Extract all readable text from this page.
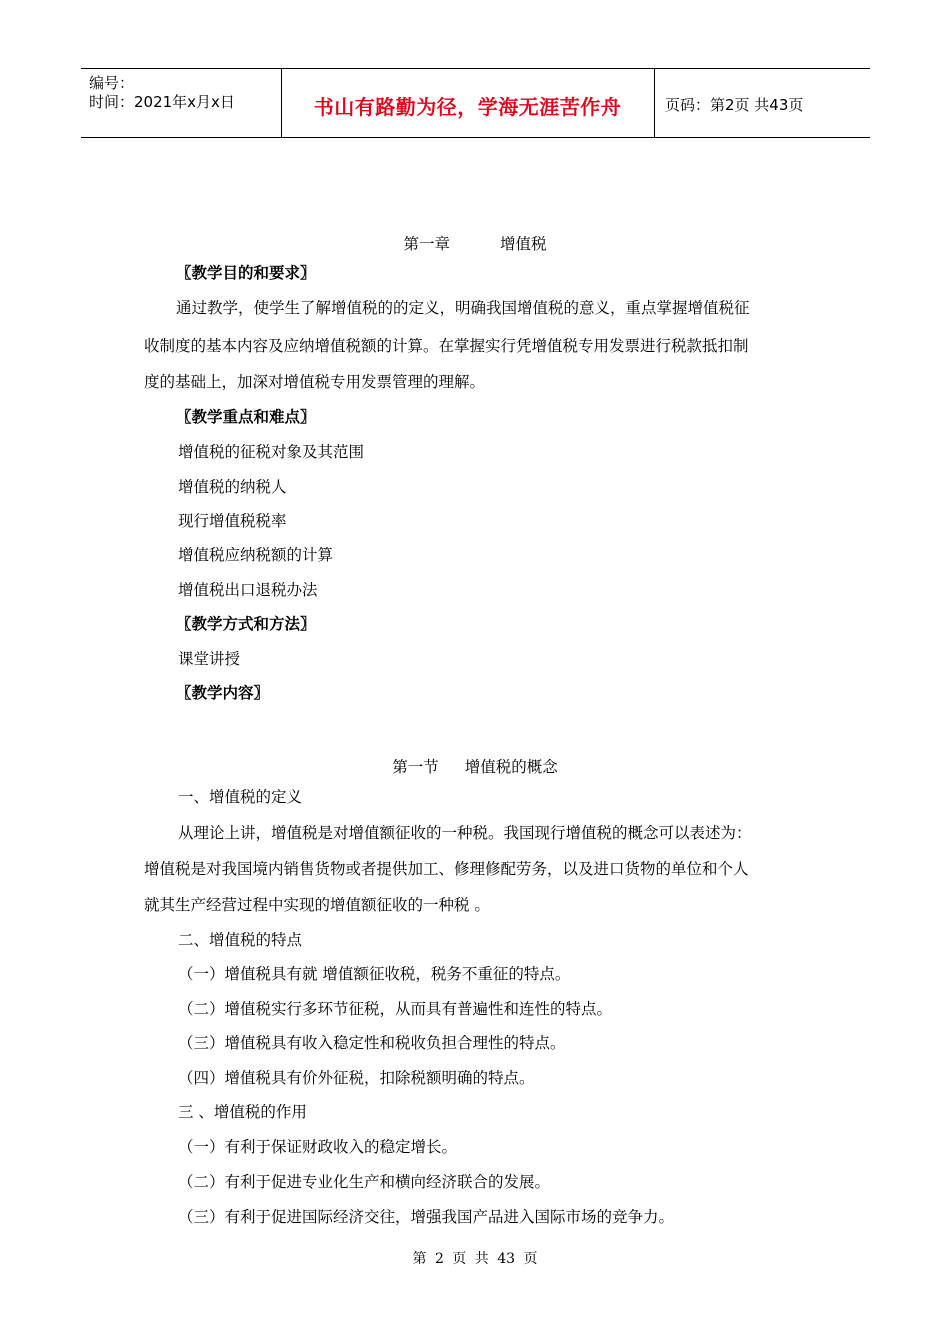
编号：
时间：2021年x月x日	书山有路勤为径，学海无涯苦作舟	页码：第2页 共43页
第一章	增值税
〖教学目的和要求〗
通过教学，使学生了解增值税的的定义，明确我国增值税的意义，重点掌握增值税征
收制度的基本内容及应纳增值税额的计算。在掌握实行凭增值税专用发票进行税款抵扣制
度的基础上，加深对增值税专用发票管理的理解。
〖教学重点和难点〗
增值税的征税对象及其范围
增值税的纳税人
现行增值税税率
增值税应纳税额的计算
增值税出口退税办法
〖教学方式和方法〗
课堂讲授
〖教学内容〗
第一节 增值税的概念
一、增值税的定义
从理论上讲，增值税是对增值额征收的一种税。我国现行增值税的概念可以表述为：
增值税是对我国境内销售货物或者提供加工、修理修配劳务，以及进口货物的单位和个人
就其生产经营过程中实现的增值额征收的一种税 。
二、增值税的特点
（一）增值税具有就 增值额征收税，税务不重征的特点。
（二）增值税实行多环节征税，从而具有普遍性和连性的特点。
（三）增值税具有收入稳定性和税收负担合理性的特点。
（四）增值税具有价外征税，扣除税额明确的特点。
三 、增值税的作用
（一）有利于保证财政收入的稳定增长。
（二）有利于促进专业化生产和横向经济联合的发展。
（三）有利于促进国际经济交往，增强我国产品进入国际市场的竞争力。
第 2 页 共 43 页
